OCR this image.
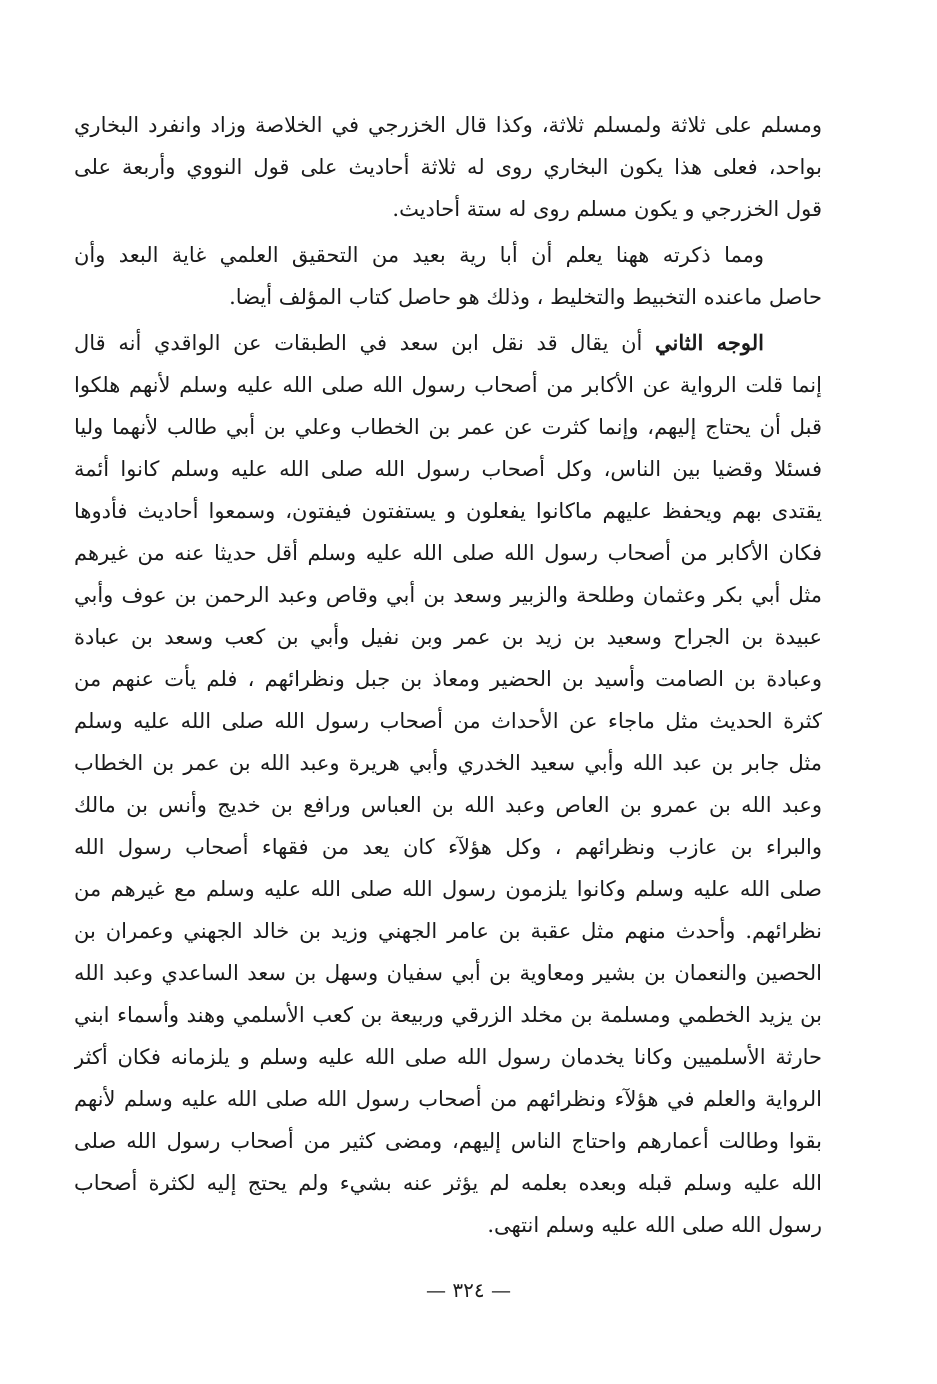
ومسلم على ثلاثة ولمسلم ثلاثة، وكذا قال الخزرجي في الخلاصة وزاد وانفرد البخاري
بواحد، فعلى هذا يكون البخاري روى له ثلاثة أحاديث على قول النووي وأربعة على
قول الخزرجي و يكون مسلم روى له ستة أحاديث.
ومما ذكرته ههنا يعلم أن أبا رية بعيد من التحقيق العلمي غاية البعد وأن
حاصل ماعنده التخبيط والتخليط ، وذلك هو حاصل كتاب المؤلف أيضا.
الوجه الثاني أن يقال قد نقل ابن سعد في الطبقات عن الواقدي أنه قال
إنما قلت الرواية عن الأكابر من أصحاب رسول الله صلى الله عليه وسلم لأنهم هلكوا
قبل أن يحتاج إليهم، وإنما كثرت عن عمر بن الخطاب وعلي بن أبي طالب لأنهما وليا
فسئلا وقضيا بين الناس، وكل أصحاب رسول الله صلى الله عليه وسلم كانوا أئمة
يقتدى بهم ويحفظ عليهم ماكانوا يفعلون و يستفتون فيفتون، وسمعوا أحاديث فأدوها
فكان الأكابر من أصحاب رسول الله صلى الله عليه وسلم أقل حديثا عنه من غيرهم
مثل أبي بكر وعثمان وطلحة والزبير وسعد بن أبي وقاص وعبد الرحمن بن عوف وأبي
عبيدة بن الجراح وسعيد بن زيد بن عمر وبن نفيل وأبي بن كعب وسعد بن عبادة
وعبادة بن الصامت وأسيد بن الحضير ومعاذ بن جبل ونظرائهم ، فلم يأت عنهم من
كثرة الحديث مثل ماجاء عن الأحداث من أصحاب رسول الله صلى الله عليه وسلم
مثل جابر بن عبد الله وأبي سعيد الخدري وأبي هريرة وعبد الله بن عمر بن الخطاب
وعبد الله بن عمرو بن العاص وعبد الله بن العباس ورافع بن خديج وأنس بن مالك
والبراء بن عازب ونظرائهم ، وكل هؤلآء كان يعد من فقهاء أصحاب رسول الله
صلى الله عليه وسلم وكانوا يلزمون رسول الله صلى الله عليه وسلم مع غيرهم من
نظرائهم. وأحدث منهم مثل عقبة بن عامر الجهني وزيد بن خالد الجهني وعمران بن
الحصين والنعمان بن بشير ومعاوية بن أبي سفيان وسهل بن سعد الساعدي وعبد الله
بن يزيد الخطمي ومسلمة بن مخلد الزرقي وربيعة بن كعب الأسلمي وهند وأسماء ابني
حارثة الأسلميين وكانا يخدمان رسول الله صلى الله عليه وسلم و يلزمانه فكان أكثر
الرواية والعلم في هؤلآء ونظرائهم من أصحاب رسول الله صلى الله عليه وسلم لأنهم
بقوا وطالت أعمارهم واحتاج الناس إليهم، ومضى كثير من أصحاب رسول الله صلى
الله عليه وسلم قبله وبعده بعلمه لم يؤثر عنه بشيء ولم يحتج إليه لكثرة أصحاب
رسول الله صلى الله عليه وسلم انتهى.
— ٣٢٤ —
